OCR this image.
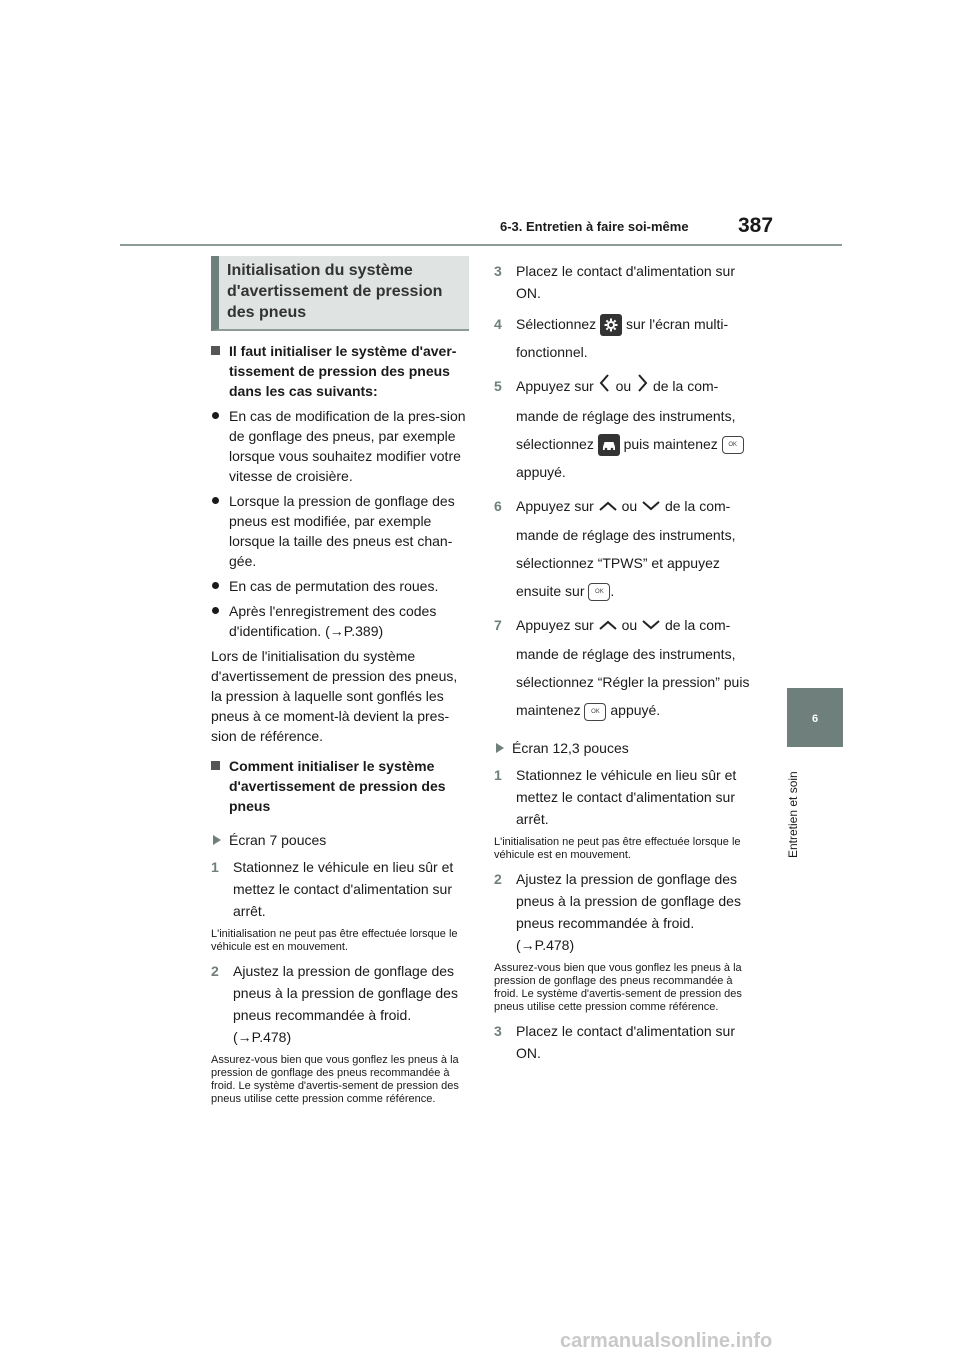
6-3. Entretien à faire soi-même 387
6
Entretien et soin
Initialisation du système d'avertissement de pression des pneus
Il faut initialiser le système d'aver-tissement de pression des pneus dans les cas suivants:
En cas de modification de la pres-sion de gonflage des pneus, par exemple lorsque vous souhaitez modifier votre vitesse de croisière.
Lorsque la pression de gonflage des pneus est modifiée, par exemple lorsque la taille des pneus est chan-gée.
En cas de permutation des roues.
Après l'enregistrement des codes d'identification. (→P.389)
Lors de l'initialisation du système d'avertissement de pression des pneus, la pression à laquelle sont gonflés les pneus à ce moment-là devient la pres-sion de référence.
Comment initialiser le système d'avertissement de pression des pneus
Écran 7 pouces
1 Stationnez le véhicule en lieu sûr et mettez le contact d'alimentation sur arrêt.
L'initialisation ne peut pas être effectuée lorsque le véhicule est en mouvement.
2 Ajustez la pression de gonflage des pneus à la pression de gonflage des pneus recommandée à froid. (→P.478)
Assurez-vous bien que vous gonflez les pneus à la pression de gonflage des pneus recommandée à froid. Le système d'avertis-sement de pression des pneus utilise cette pression comme référence.
3 Placez le contact d'alimentation sur ON.
4 Sélectionnez sur l'écran multi-fonctionnel.
5 Appuyez sur ou de la com-mande de réglage des instruments, sélectionnez puis maintenez OK appuyé.
6 Appuyez sur ou de la com-mande de réglage des instruments, sélectionnez “TPWS” et appuyez ensuite sur OK .
7 Appuyez sur ou de la com-mande de réglage des instruments, sélectionnez “Régler la pression” puis maintenez OK appuyé.
Écran 12,3 pouces
1 Stationnez le véhicule en lieu sûr et mettez le contact d'alimentation sur arrêt.
L'initialisation ne peut pas être effectuée lorsque le véhicule est en mouvement.
2 Ajustez la pression de gonflage des pneus à la pression de gonflage des pneus recommandée à froid. (→P.478)
Assurez-vous bien que vous gonflez les pneus à la pression de gonflage des pneus recommandée à froid. Le système d'avertis-sement de pression des pneus utilise cette pression comme référence.
3 Placez le contact d'alimentation sur ON.
carmanualsonline.info
